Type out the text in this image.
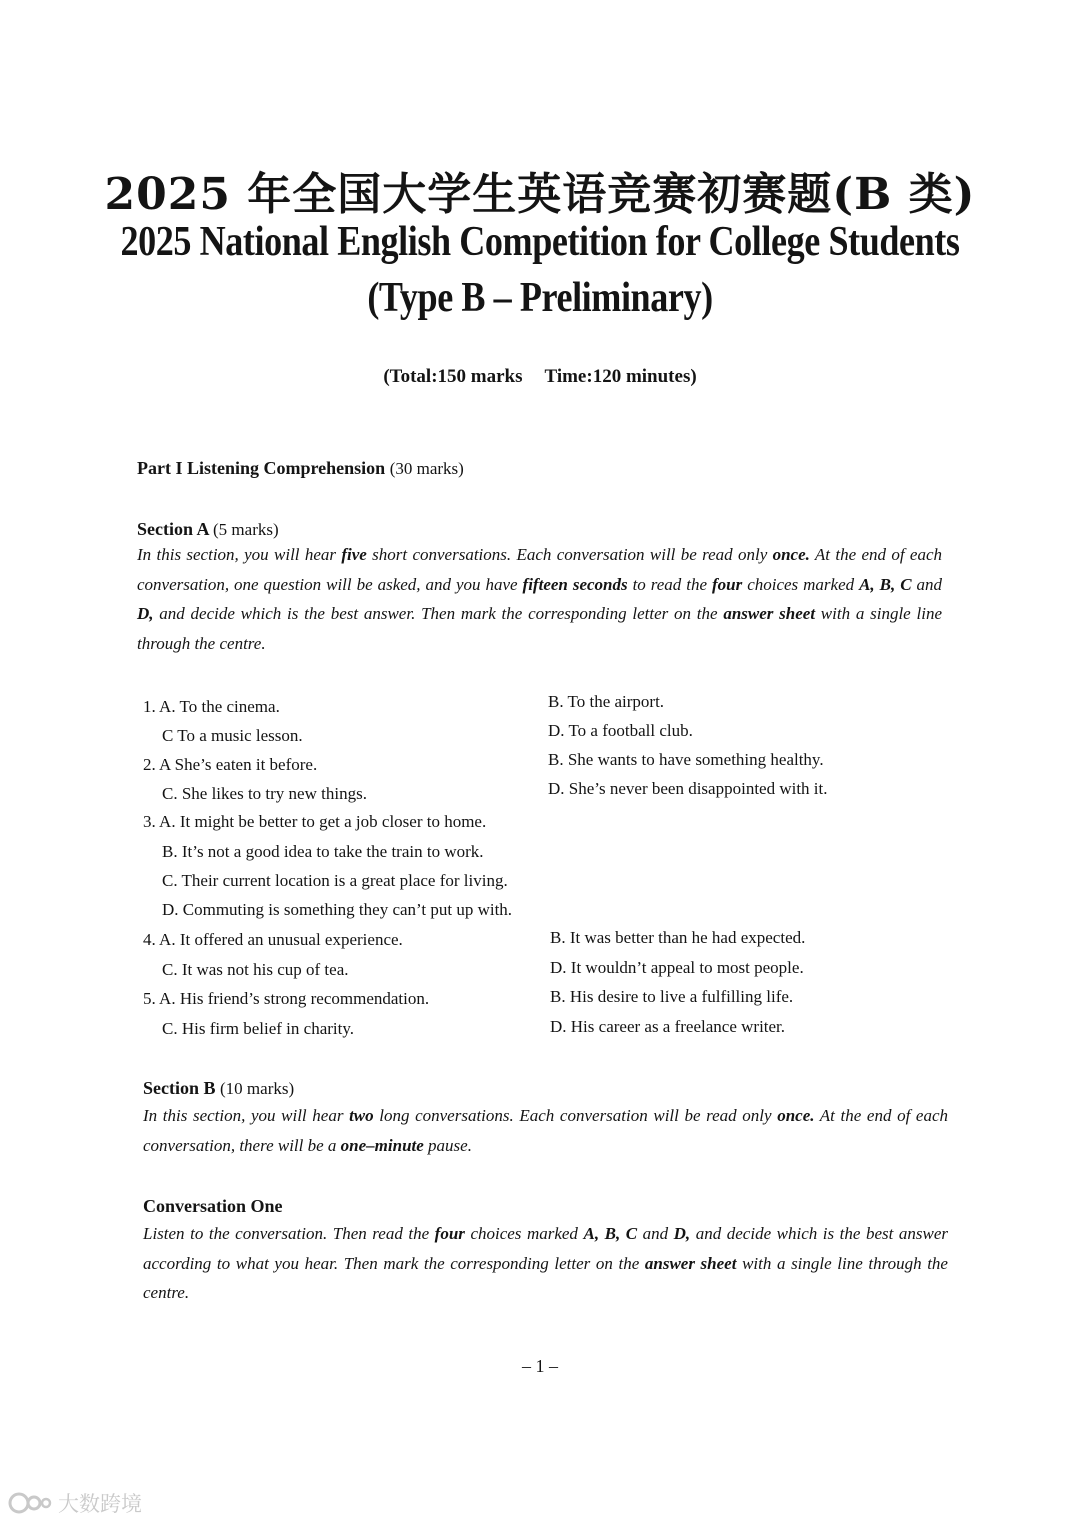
2025 年全国大学生英语竞赛初赛题(B 类)
2025 National English Competition for College Students
(Type B – Preliminary)
(Total:150 marks Time:120 minutes)
Part I Listening Comprehension (30 marks)
Section A (5 marks)
In this section, you will hear five short conversations. Each conversation will be read only once. At the end of each conversation, one question will be asked, and you have fifteen seconds to read the four choices marked A, B, C and D, and decide which is the best answer. Then mark the corresponding letter on the answer sheet with a single line through the centre.
1. A. To the cinema.	B. To the airport.
C To a music lesson.	D. To a football club.
2. A She’s eaten it before.	B. She wants to have something healthy.
C. She likes to try new things.	D. She’s never been disappointed with it.
3. A. It might be better to get a job closer to home.
B. It’s not a good idea to take the train to work.
C. Their current location is a great place for living.
D. Commuting is something they can’t put up with.
4. A. It offered an unusual experience.	B. It was better than he had expected.
C. It was not his cup of tea.	D. It wouldn’t appeal to most people.
5. A. His friend’s strong recommendation.	B. His desire to live a fulfilling life.
C. His firm belief in charity.	D. His career as a freelance writer.
Section B (10 marks)
In this section, you will hear two long conversations. Each conversation will be read only once. At the end of each conversation, there will be a one–minute pause.
Conversation One
Listen to the conversation. Then read the four choices marked A, B, C and D, and decide which is the best answer according to what you hear. Then mark the corresponding letter on the answer sheet with a single line through the centre.
– 1 –
大数跨境
